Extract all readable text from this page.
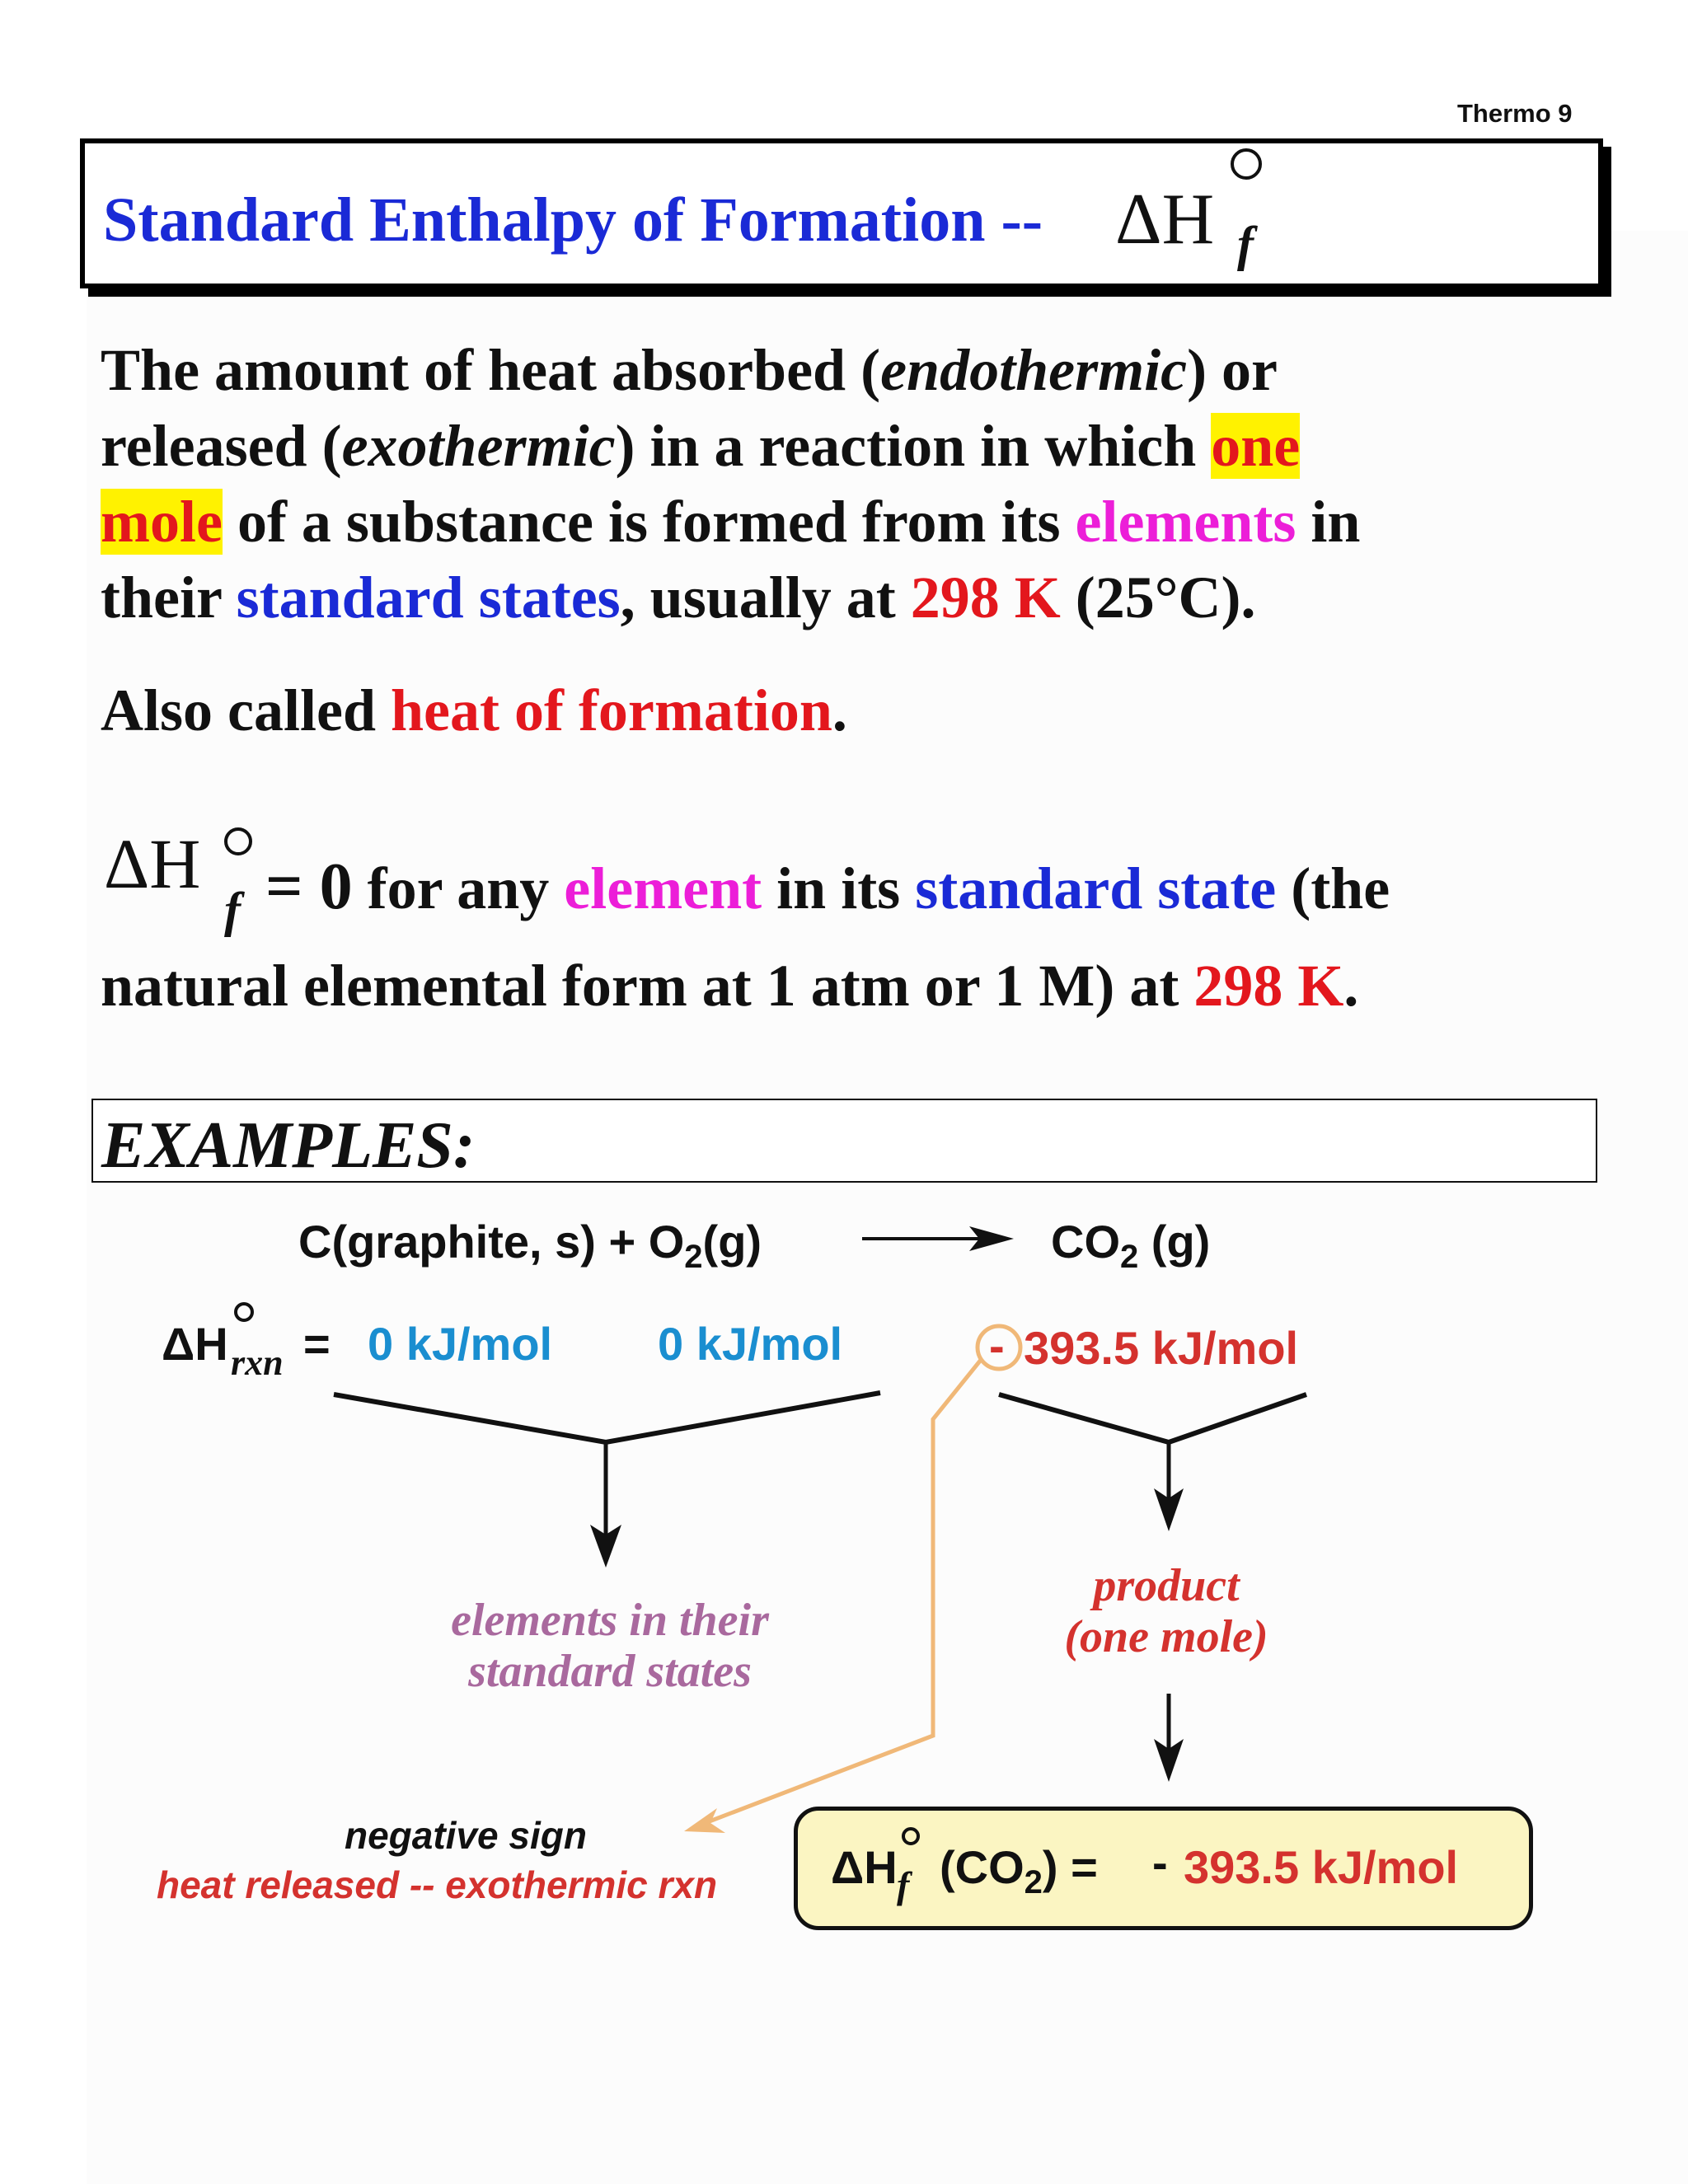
Thermo 9
Standard Enthalpy of Formation -- ΔH f
The amount of heat absorbed (endothermic) or
released (exothermic) in a reaction in which one
mole of a substance is formed from its elements in
their standard states, usually at 298 K (25°C).
Also called heat of formation.
ΔH
f = 0 for any element in its standard state (the
natural elemental form at 1 atm or 1 M) at 298 K.
EXAMPLES:
C(graphite, $s) + O_2(g)$	$CO_2$ (g)
ΔH rxn = 0 kJ/mol 0 kJ/mol	- 393.5 kJ/mol
elements in their
standard states
product
(one mole)
negative sign
heat released -- exothermic rxn ΔH f $(CO_2)$ = - 393.5 kJ/mol
